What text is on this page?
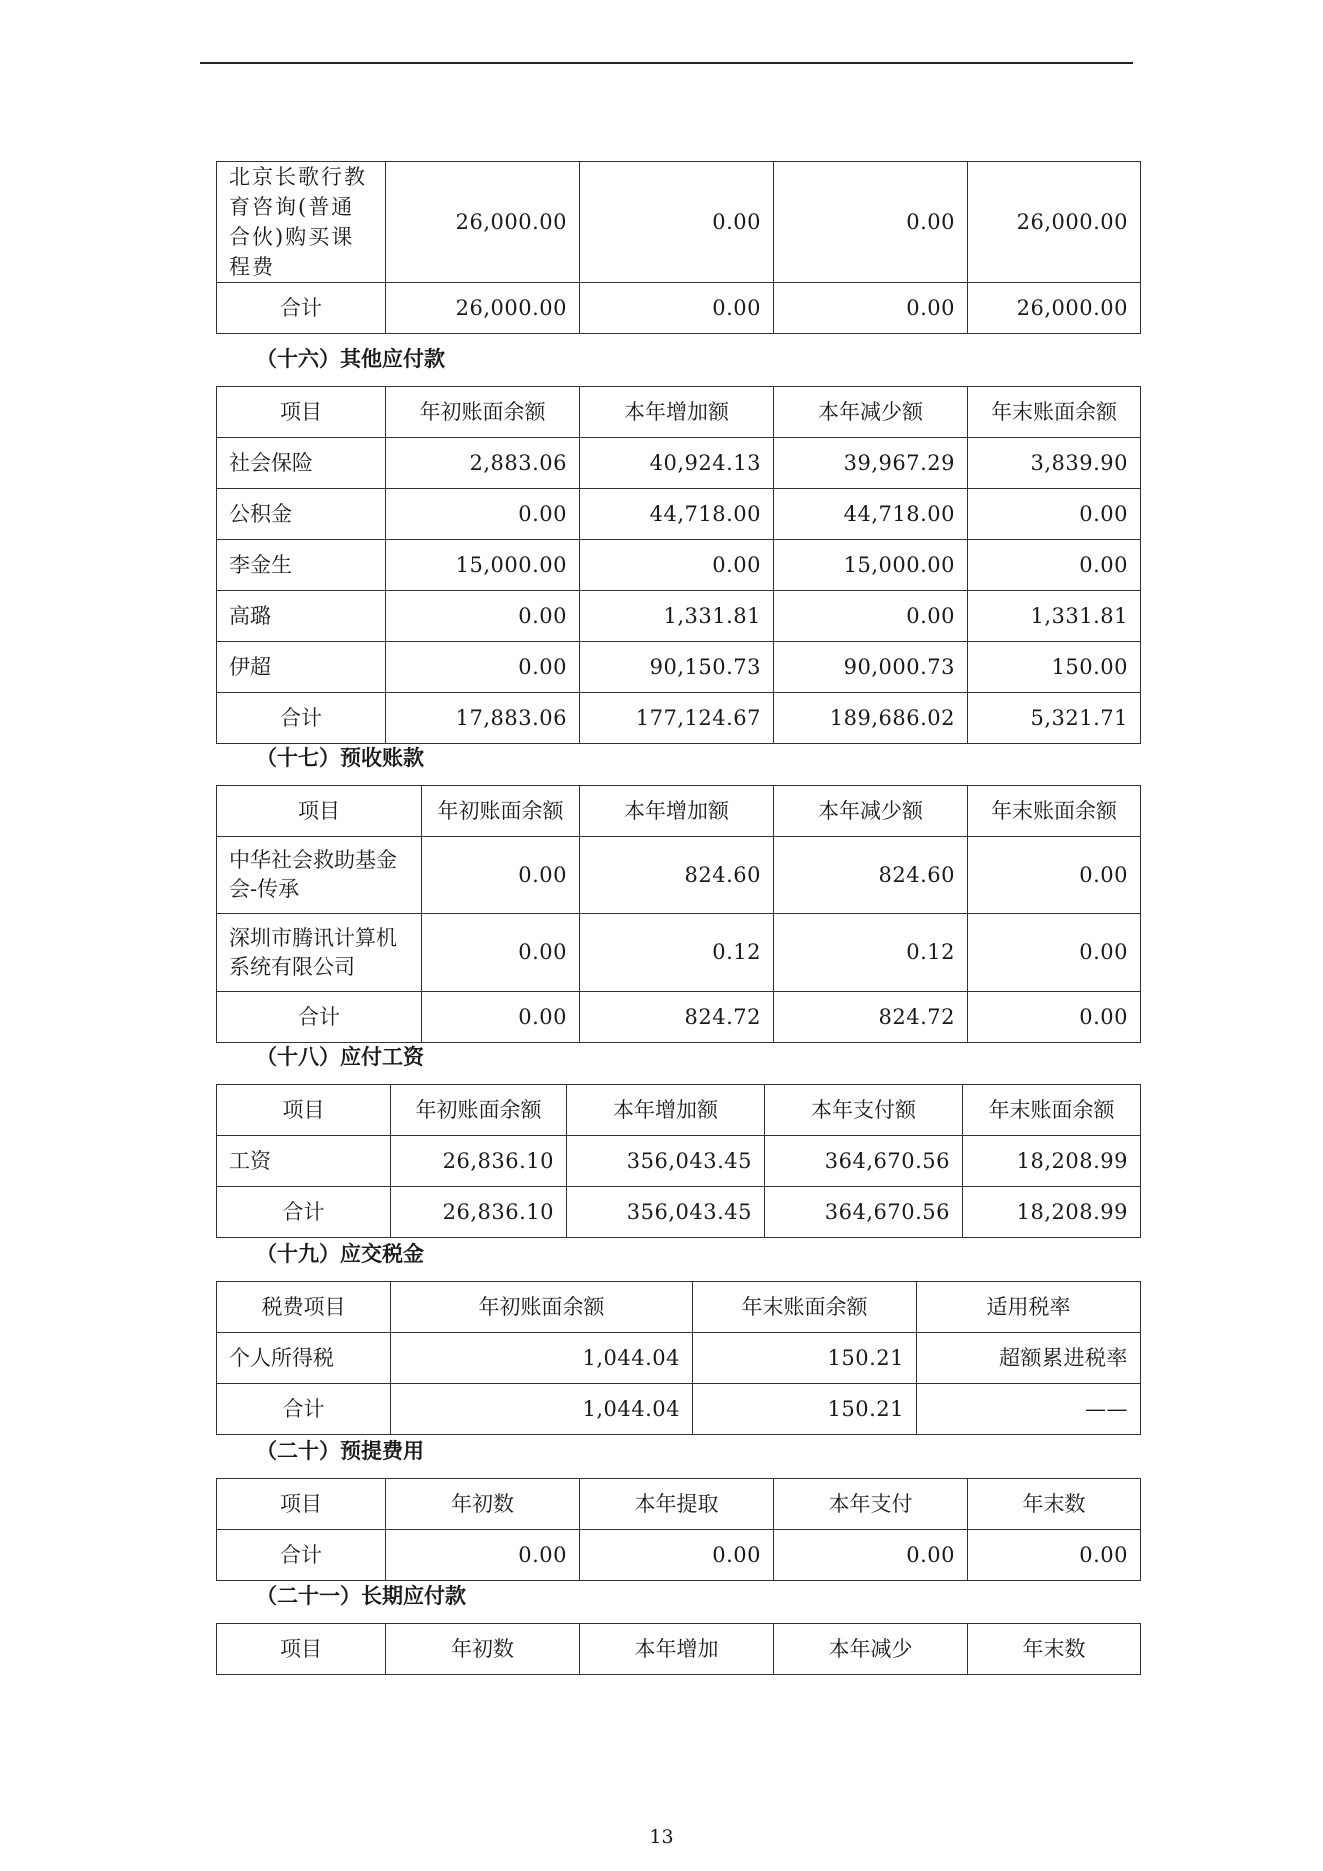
北京长歌行教育咨询(普通合伙)购买课程费	26,000.00	0.00	0.00	26,000.00
合计	26,000.00	0.00	0.00	26,000.00
（十六）其他应付款
项目	年初账面余额	本年增加额	本年减少额	年末账面余额
社会保险	2,883.06	40,924.13	39,967.29	3,839.90
公积金	0.00	44,718.00	44,718.00	0.00
李金生	15,000.00	0.00	15,000.00	0.00
高璐	0.00	1,331.81	0.00	1,331.81
伊超	0.00	90,150.73	90,000.73	150.00
合计	17,883.06	177,124.67	189,686.02	5,321.71
（十七）预收账款
项目	年初账面余额	本年增加额	本年减少额	年末账面余额
中华社会救助基金会-传承	0.00	824.60	824.60	0.00
深圳市腾讯计算机系统有限公司	0.00	0.12	0.12	0.00
合计	0.00	824.72	824.72	0.00
（十八）应付工资
项目	年初账面余额	本年增加额	本年支付额	年末账面余额
工资	26,836.10	356,043.45	364,670.56	18,208.99
合计	26,836.10	356,043.45	364,670.56	18,208.99
（十九）应交税金
税费项目	年初账面余额	年末账面余额	适用税率
个人所得税	1,044.04	150.21	超额累进税率
合计	1,044.04	150.21	——
（二十）预提费用
项目	年初数	本年提取	本年支付	年末数
合计	0.00	0.00	0.00	0.00
（二十一）长期应付款
项目	年初数	本年增加	本年减少	年末数
13
